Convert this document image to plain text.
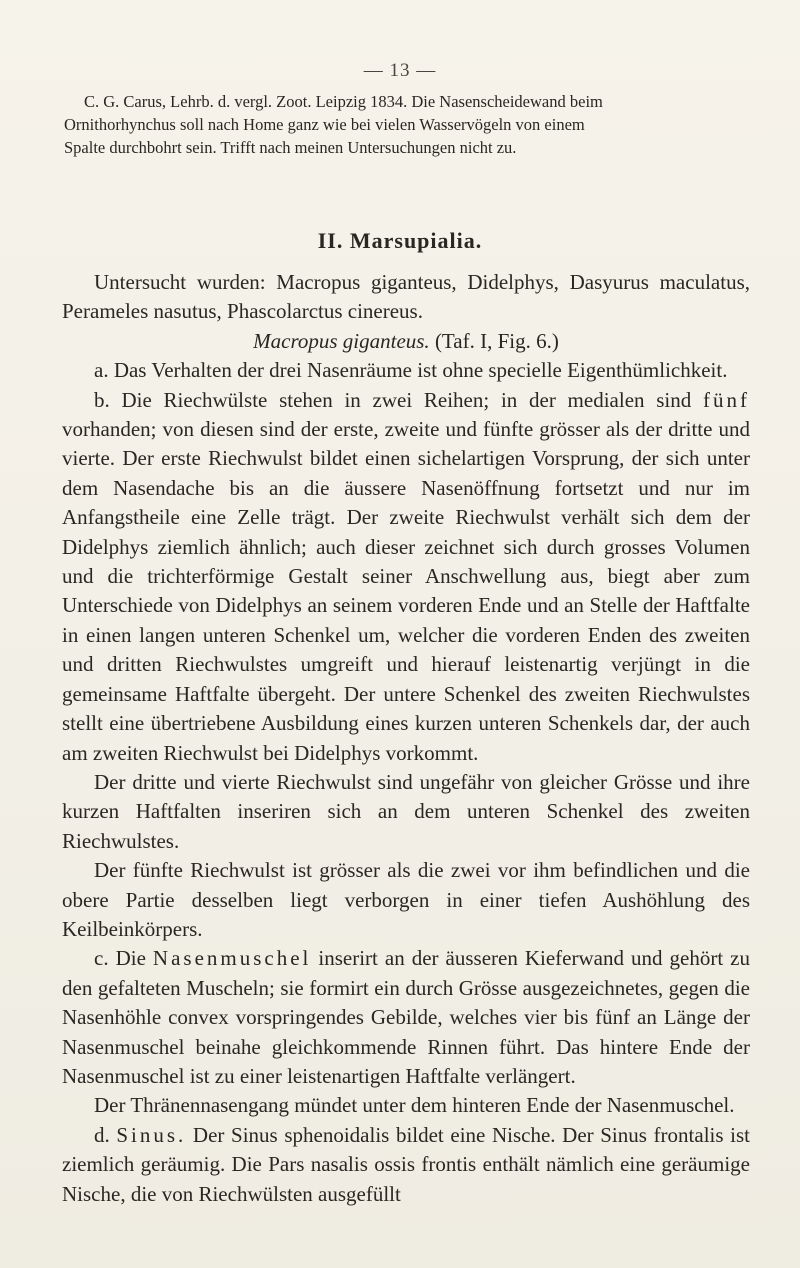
— 13 —

C. G. Carus, Lehrb. d. vergl. Zoot. Leipzig 1834. Die Nasenscheidewand beim

Ornithorhynchus soll nach Home ganz wie bei vielen Wasservögeln von einem

Spalte durchbohrt sein. Trifft nach meinen Untersuchungen nicht zu.

II. Marsupialia.

Untersucht wurden: Macropus giganteus, Didelphys, Dasyurus maculatus, Perameles nasutus, Phascolarctus cinereus.

Macropus giganteus. (Taf. I, Fig. 6.)

a. Das Verhalten der drei Nasenräume ist ohne specielle Eigenthümlichkeit.

b. Die Riechwülste stehen in zwei Reihen; in der medialen sind fünf vorhanden; von diesen sind der erste, zweite und fünfte grösser als der dritte und vierte. Der erste Riechwulst bildet einen sichelartigen Vorsprung, der sich unter dem Nasendache bis an die äussere Nasenöffnung fortsetzt und nur im Anfangstheile eine Zelle trägt. Der zweite Riechwulst verhält sich dem der Didelphys ziemlich ähnlich; auch dieser zeichnet sich durch grosses Volumen und die trichterförmige Gestalt seiner Anschwellung aus, biegt aber zum Unterschiede von Didelphys an seinem vorderen Ende und an Stelle der Haftfalte in einen langen unteren Schenkel um, welcher die vorderen Enden des zweiten und dritten Riechwulstes umgreift und hierauf leistenartig verjüngt in die gemeinsame Haftfalte übergeht. Der untere Schenkel des zweiten Riechwulstes stellt eine übertriebene Ausbildung eines kurzen unteren Schenkels dar, der auch am zweiten Riechwulst bei Didelphys vorkommt.

Der dritte und vierte Riechwulst sind ungefähr von gleicher Grösse und ihre kurzen Haftfalten inseriren sich an dem unteren Schenkel des zweiten Riechwulstes.

Der fünfte Riechwulst ist grösser als die zwei vor ihm befindlichen und die obere Partie desselben liegt verborgen in einer tiefen Aushöhlung des Keilbeinkörpers.

c. Die Nasenmuschel inserirt an der äusseren Kieferwand und gehört zu den gefalteten Muscheln; sie formirt ein durch Grösse ausgezeichnetes, gegen die Nasenhöhle convex vorspringendes Gebilde, welches vier bis fünf an Länge der Nasenmuschel beinahe gleichkommende Rinnen führt. Das hintere Ende der Nasenmuschel ist zu einer leistenartigen Haftfalte verlängert.

Der Thränennasengang mündet unter dem hinteren Ende der Nasenmuschel.

d. Sinus. Der Sinus sphenoidalis bildet eine Nische. Der Sinus frontalis ist ziemlich geräumig. Die Pars nasalis ossis frontis enthält nämlich eine geräumige Nische, die von Riechwülsten ausgefüllt
